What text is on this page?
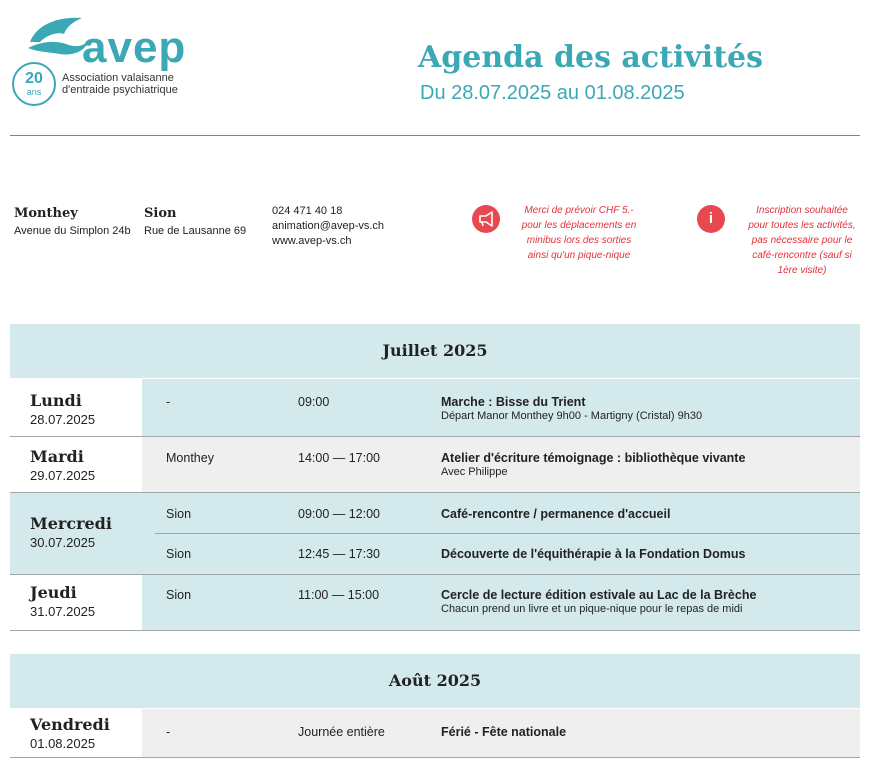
avep
20
ans
Association valaisanne
d'entraide psychiatrique
Agenda des activités
Du 28.07.2025 au 01.08.2025
Monthey
Avenue du Simplon 24b
Sion
Rue de Lausanne 69
024 471 40 18
animation@avep-vs.ch
www.avep-vs.ch
Merci de prévoir CHF 5.-
pour les déplacements en
minibus lors des sorties
ainsi qu'un pique-nique
i	Inscription souhaitée
pour toutes les activités,
pas nécessaire pour le
café-rencontre (sauf si
1ère visite)
Juillet 2025
Lundi
28.07.2025
-	09:00	Marche : Bisse du Trient
Départ Manor Monthey 9h00 - Martigny (Cristal) 9h30
Mardi
29.07.2025
Monthey	14:00 — 17:00	Atelier d'écriture témoignage : bibliothèque vivante
Avec Philippe
Mercredi
30.07.2025
Sion	09:00 — 12:00	Café-rencontre / permanence d'accueil
Sion	12:45 — 17:30	Découverte de l'équithérapie à la Fondation Domus
Jeudi
31.07.2025
Sion	11:00 — 15:00	Cercle de lecture édition estivale au Lac de la Brèche
Chacun prend un livre et un pique-nique pour le repas de midi
Août 2025
Vendredi
01.08.2025
-	Journée entière	Férié - Fête nationale
